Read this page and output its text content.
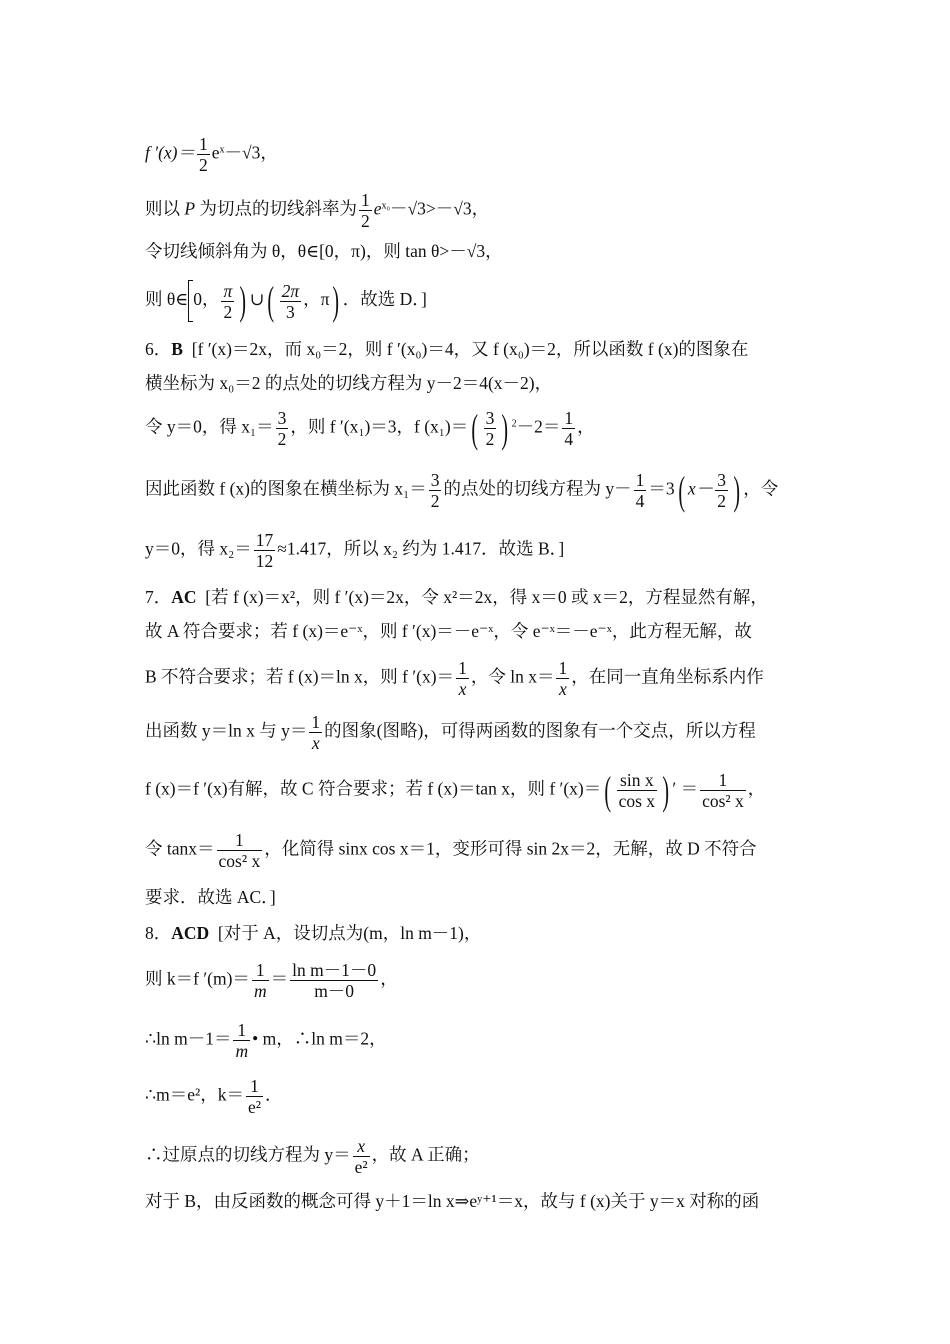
f $'(x)= \frac{1}{2} e^x-√3$，
则以 P 为切点的切线斜率为 $\frac{1}{2} e^{x_0}-√3>-√3$，
令切线倾斜角为 θ，θ∈[0，π)，则 tan θ>－√3，
则 θ∈ 0， $\frac{\pi}{2}$ ) ∪( $\frac{2\pi}{3}$ ，π) ．故选 D．]
6．B [f ′(x)＝2x，而 x₀＝2，则 f ′(x₀)＝4，又 f (x₀)＝2，所以函数 f (x)的图象在
横坐标为 x₀＝2 的点处的切线方程为 y－2＝4(x－2)，
令 y＝0，得 $x_1= \frac{3}{2}$ ，则 f ′(x₁)＝3，f $(x_1)=( \frac{3}{2}$ ) $^2-2= \frac{1}{4}$ ，
因此函数 f (x)的图象在横坐标为 $x_1= \frac{3}{2}$ 的点处的切线方程为 $y- \frac{1}{4} =3$( $x- \frac{3}{2}$ ) ，令
y＝0，得 $x_2= \frac{17}{12} \approx 1.417$，所以 x₂ 约为 1.417．故选 B．]
7．AC [若 f (x)＝x²，则 f ′(x)＝2x，令 x²＝2x，得 x＝0 或 x＝2，方程显然有解，
故 A 符合要求；若 f (x)＝e⁻ˣ，则 f ′(x)＝－e⁻ˣ，令 e⁻ˣ＝－e⁻ˣ，此方程无解，故
B 不符合要求；若 f (x)＝ln x，则 f $'(x)= \frac{1}{x}$ ，令 $\ln x= \frac{1}{x}$ ，在同一直角坐标系内作
出函数 y＝ln x 与 $y= \frac{1}{x}$ 的图象(图略)，可得两函数的图象有一个交点，所以方程
f (x)＝f ′(x)有解，故 C 符合要求；若 f (x)＝tan x，则 f $'(x)=( \frac{\text{sin x}}{\text{cos x}}$ ) ′ ＝ $\frac{1}{\text{cos² x}}$ ，
令 $\tan x= \frac{1}{\text{cos² x}}$ ，化简得 sinx cos x＝1，变形可得 sin 2x＝2，无解，故 D 不符合
要求．故选 AC．]
8．ACD [对于 A，设切点为(m，ln m－1)，
则 k＝f $'(m)= \frac{1}{m} = \frac{\text{ln m－1－0}}{m-0}$ ，
∴ln $m-1= \frac{1}{m}$ • m，∴ln m＝2，
∴m＝e²，$k= \frac{1}{\text{e²}}$ ．
∴过原点的切线方程为 $y= \frac{x}{\text{e²}}$ ，故 A 正确；
对于 B，由反函数的概念可得 y＋1＝ln x⇒eʸ⁺¹＝x，故与 f (x)关于 y＝x 对称的函
